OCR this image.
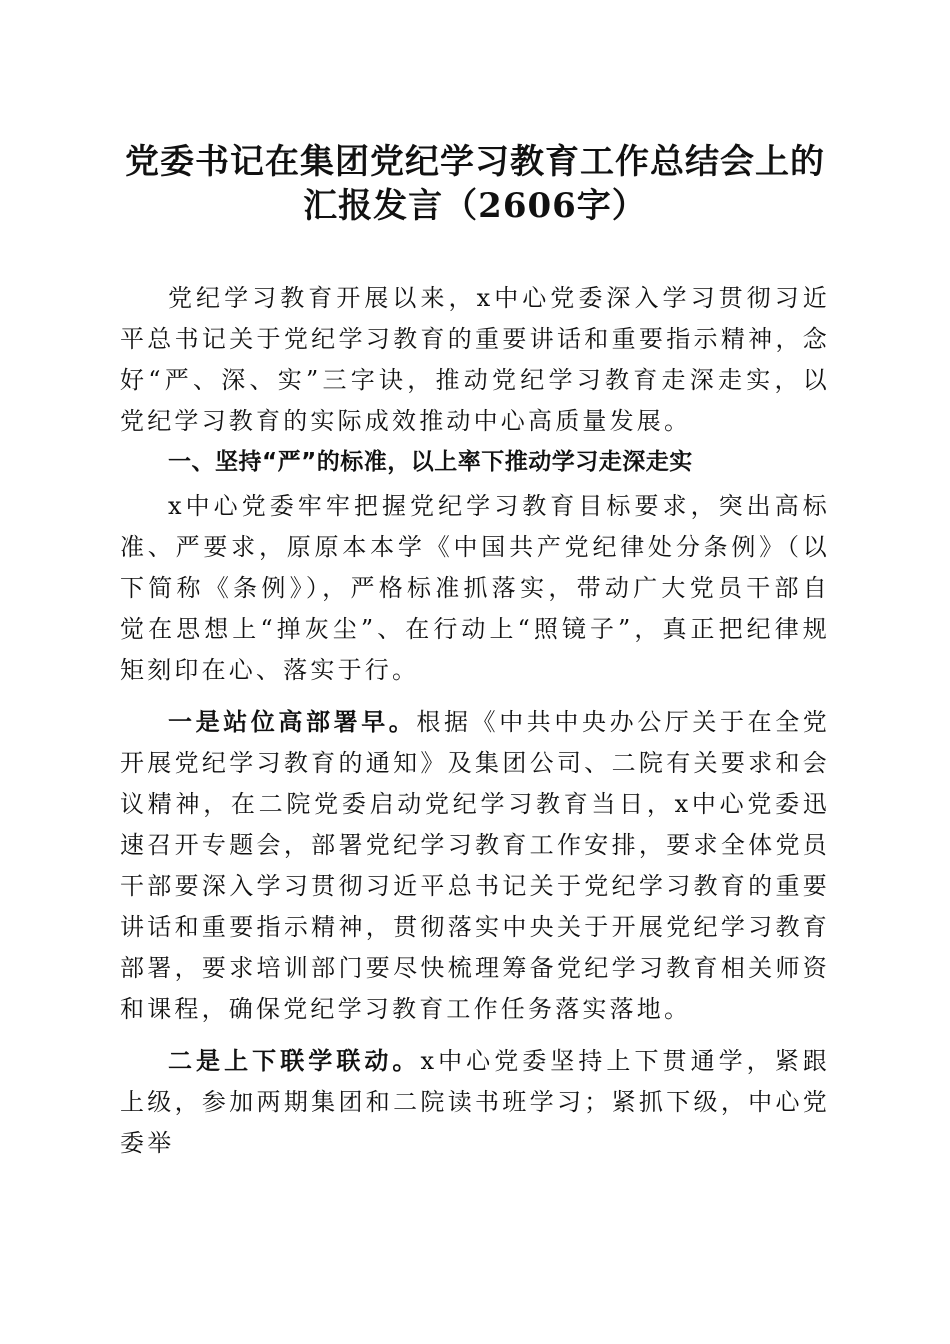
党委书记在集团党纪学习教育工作总结会上的
汇报发言（2606字）

党纪学习教育开展以来，x中心党委深入学习贯彻习近平总书记关于党纪学习教育的重要讲话和重要指示精神，念好“严、深、实”三字诀，推动党纪学习教育走深走实，以党纪学习教育的实际成效推动中心高质量发展。

一、坚持“严”的标准，以上率下推动学习走深走实

x中心党委牢牢把握党纪学习教育目标要求，突出高标准、严要求，原原本本学《中国共产党纪律处分条例》（以下简称《条例》），严格标准抓落实，带动广大党员干部自觉在思想上“掸灰尘”、在行动上“照镜子”，真正把纪律规矩刻印在心、落实于行。

一是站位高部署早。根据《中共中央办公厅关于在全党开展党纪学习教育的通知》及集团公司、二院有关要求和会议精神，在二院党委启动党纪学习教育当日，x中心党委迅速召开专题会，部署党纪学习教育工作安排，要求全体党员干部要深入学习贯彻习近平总书记关于党纪学习教育的重要讲话和重要指示精神，贯彻落实中央关于开展党纪学习教育部署，要求培训部门要尽快梳理筹备党纪学习教育相关师资和课程，确保党纪学习教育工作任务落实落地。

二是上下联学联动。x中心党委坚持上下贯通学，紧跟上级，参加两期集团和二院读书班学习；紧抓下级，中心党委举
